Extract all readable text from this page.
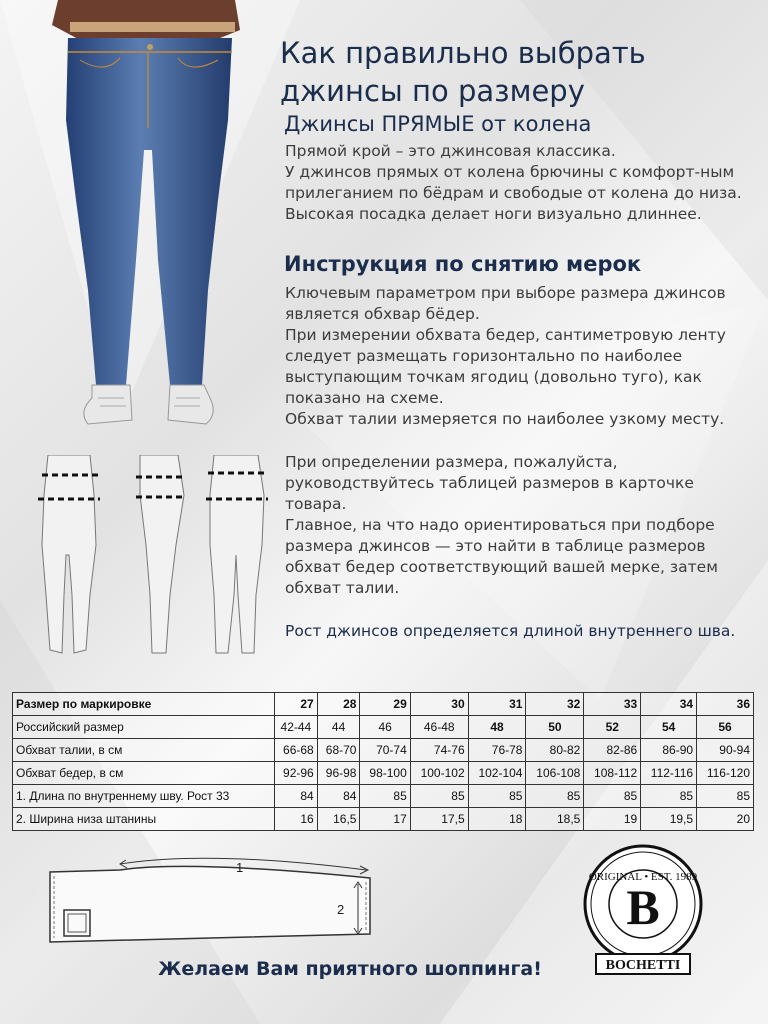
Как правильно выбрать джинсы по размеру
Джинсы ПРЯМЫЕ от колена
Прямой крой – это джинсовая классика.
У джинсов прямых от колена брючины с комфорт-ным прилеганием по бёдрам и свободые от колена до низа.
Высокая посадка делает ноги визуально длиннее.
Инструкция по снятию мерок
Ключевым параметром при выборе размера джинсов является обхвар бёдер.
При измерении обхвата бедер, сантиметровую ленту следует размещать горизонтально по наиболее выступающим точкам ягодиц (довольно туго), как показано на схеме.
Обхват талии измеряется по наиболее узкому месту.
При определении размера, пожалуйста, руководствуйтесь таблицей размеров в карточке товара.
Главное, на что надо ориентироваться при подборе размера джинсов — это найти в таблице размеров обхват бедер соответствующий вашей мерке, затем обхват талии.

Рост джинсов определяется длиной внутреннего шва.

Размер по маркировке	27	28	29	30	31	32	33	34	36
Российский размер	42-44	44	46	46-48	48	50	52	54	56
Обхват талии, в см	66-68	68-70	70-74	74-76	76-78	80-82	82-86	86-90	90-94
Обхват бедер, в см	92-96	96-98	98-100	100-102	102-104	106-108	108-112	112-116	116-120
1. Длина по внутреннему шву. Рост 33	84	84	85	85	85	85	85	85	85
2. Ширина низа штанины	16	16,5	17	17,5	18	18,5	19	19,5	20
1
2

Желаем Вам приятного шоппинга!

ORIGINAL • EST. 1989
B
BOCHETTI
